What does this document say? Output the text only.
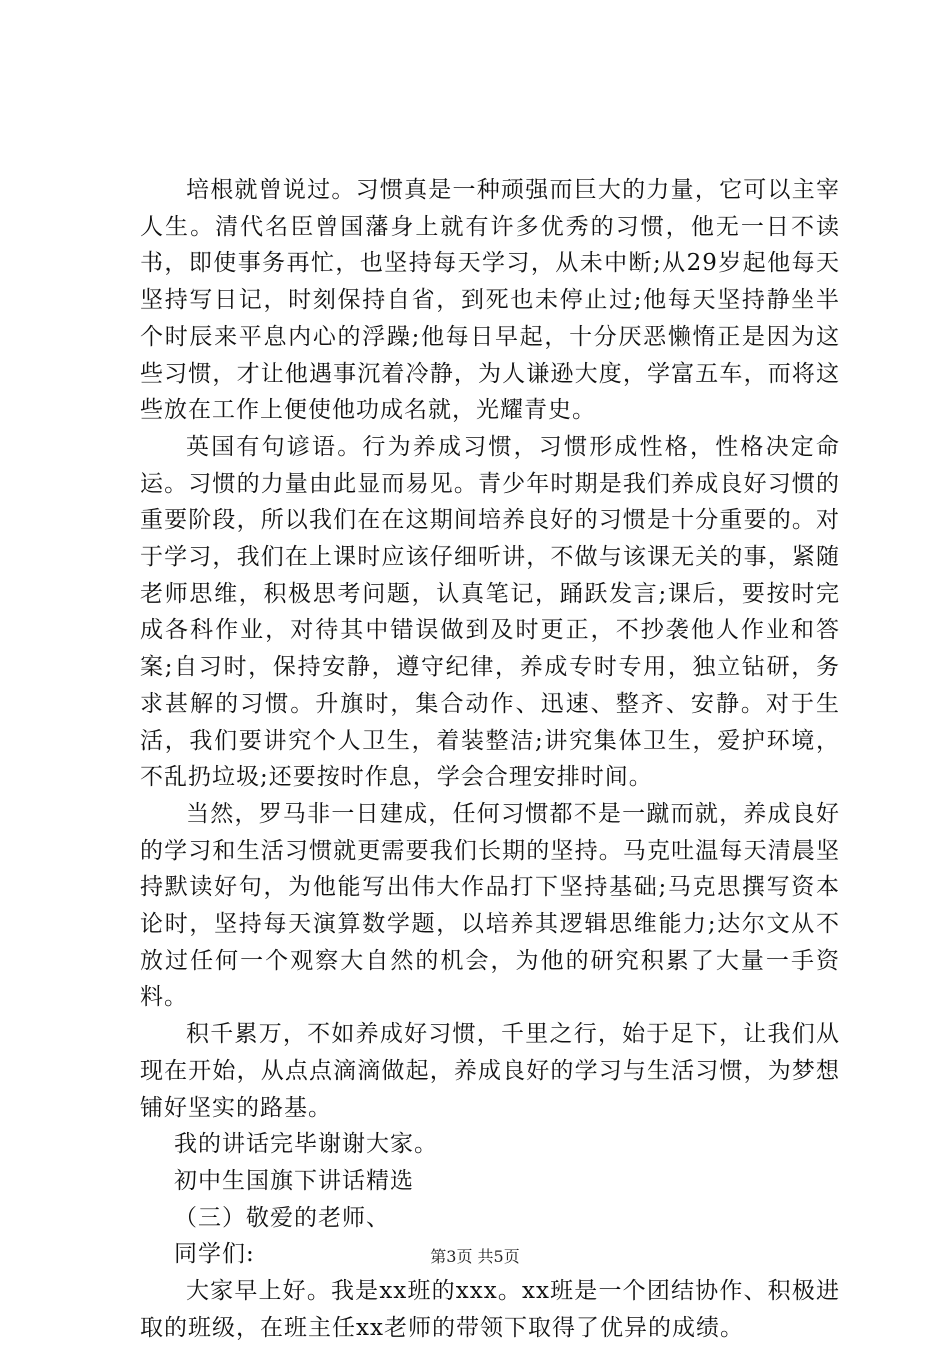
培根就曾说过。习惯真是一种顽强而巨大的力量，它可以主宰人生。清代名臣曾国藩身上就有许多优秀的习惯，他无一日不读书，即使事务再忙，也坚持每天学习，从未中断;从29岁起他每天坚持写日记，时刻保持自省，到死也未停止过;他每天坚持静坐半个时辰来平息内心的浮躁;他每日早起，十分厌恶懒惰正是因为这些习惯，才让他遇事沉着冷静，为人谦逊大度，学富五车，而将这些放在工作上便使他功成名就，光耀青史。

英国有句谚语。行为养成习惯，习惯形成性格，性格决定命运。习惯的力量由此显而易见。青少年时期是我们养成良好习惯的重要阶段，所以我们在在这期间培养良好的习惯是十分重要的。对于学习，我们在上课时应该仔细听讲，不做与该课无关的事，紧随老师思维，积极思考问题，认真笔记，踊跃发言;课后，要按时完成各科作业，对待其中错误做到及时更正，不抄袭他人作业和答案;自习时，保持安静，遵守纪律，养成专时专用，独立钻研，务求甚解的习惯。升旗时，集合动作、迅速、整齐、安静。对于生活，我们要讲究个人卫生，着装整洁;讲究集体卫生，爱护环境，不乱扔垃圾;还要按时作息，学会合理安排时间。

当然，罗马非一日建成，任何习惯都不是一蹴而就，养成良好的学习和生活习惯就更需要我们长期的坚持。马克吐温每天清晨坚持默读好句，为他能写出伟大作品打下坚持基础;马克思撰写资本论时，坚持每天演算数学题，以培养其逻辑思维能力;达尔文从不放过任何一个观察大自然的机会，为他的研究积累了大量一手资料。

积千累万，不如养成好习惯，千里之行，始于足下，让我们从现在开始，从点点滴滴做起，养成良好的学习与生活习惯，为梦想铺好坚实的路基。

我的讲话完毕谢谢大家。

初中生国旗下讲话精选

（三）敬爱的老师、

同学们:

大家早上好。我是xx班的xxx。xx班是一个团结协作、积极进取的班级，在班主任xx老师的带领下取得了优异的成绩。

第3页 共5页
